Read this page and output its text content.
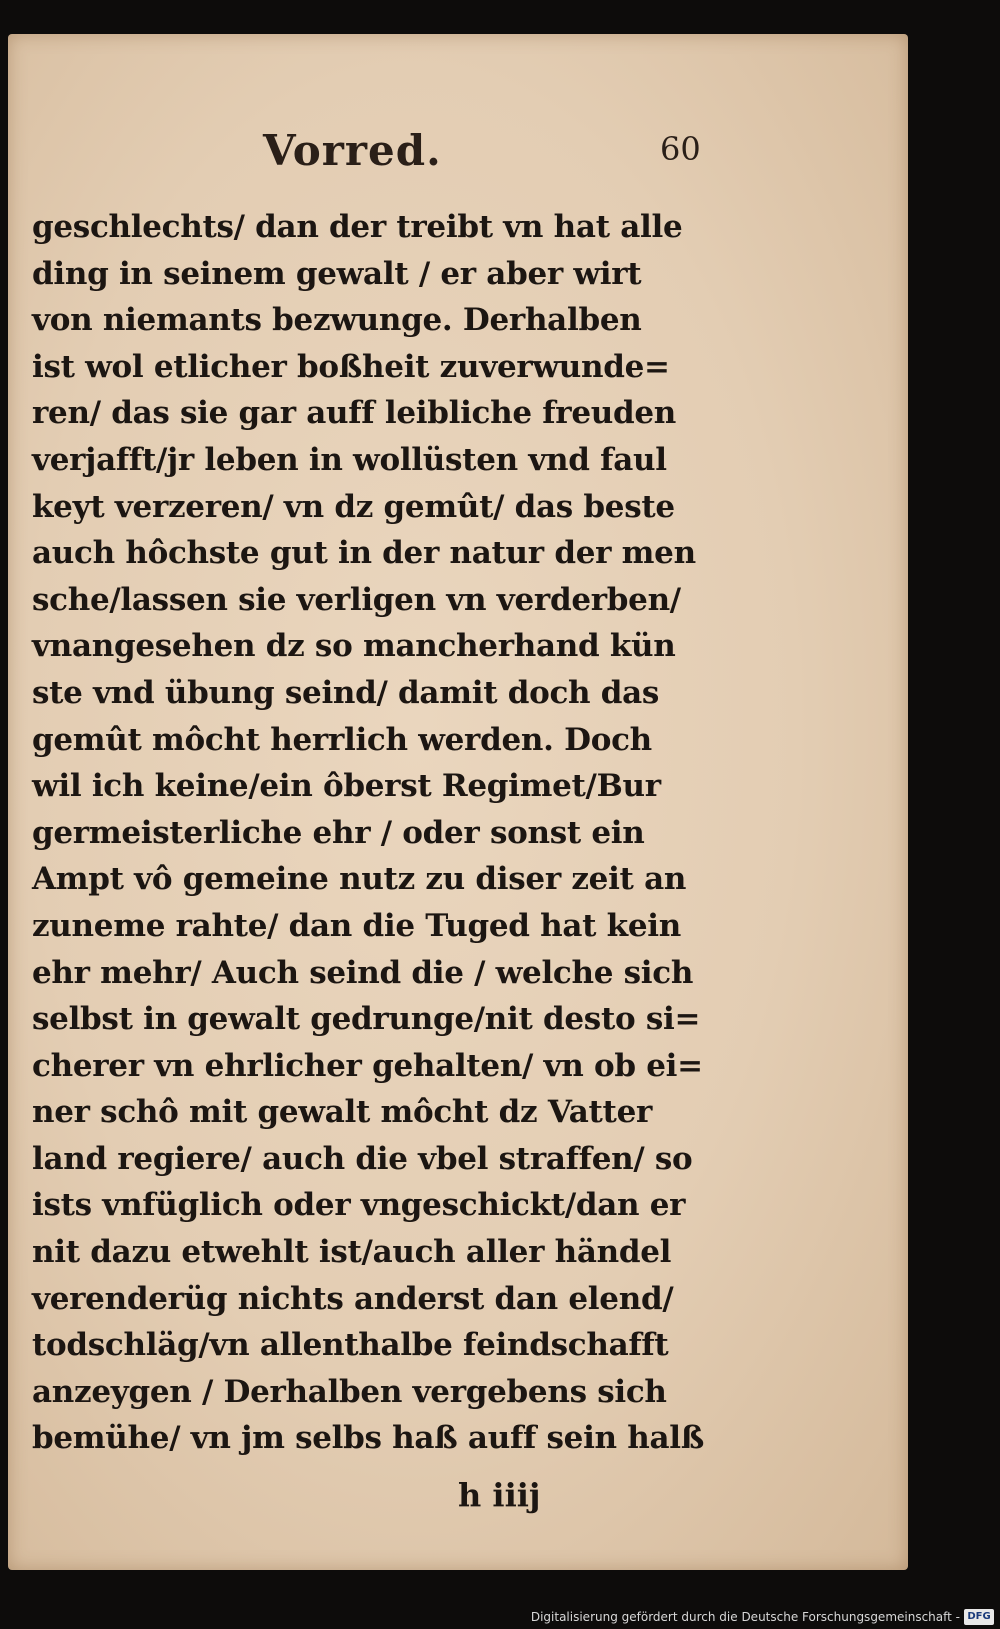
Vorred.	60
geschlechts/ dan der treibt vn hat alle
ding in seinem gewalt / er aber wirt
von niemants bezwunge. Derhalben
ist wol etlicher boßheit zuverwunde=
ren/ das sie gar auff leibliche freuden
verjafft/jr leben in wollüsten vnd faul
keyt verzeren/ vn dz gemût/ das beste
auch hôchste gut in der natur der men
sche/lassen sie verligen vn verderben/
vnangesehen dz so mancherhand kün
ste vnd übung seind/ damit doch das
gemût môcht herrlich werden. Doch
wil ich keine/ein ôberst Regimet/Bur
germeisterliche ehr / oder sonst ein
Ampt vô gemeine nutz zu diser zeit an
zuneme rahte/ dan die Tuged hat kein
ehr mehr/ Auch seind die / welche sich
selbst in gewalt gedrunge/nit desto si=
cherer vn ehrlicher gehalten/ vn ob ei=
ner schô mit gewalt môcht dz Vatter
land regiere/ auch die vbel straffen/ so
ists vnfüglich oder vngeschickt/dan er
nit dazu etwehlt ist/auch aller händel
verenderüg nichts anderst dan elend/
todschläg/vn allenthalbe feindschafft
anzeygen / Derhalben vergebens sich
bemühe/ vn jm selbs haß auff sein halß
h iiij
Digitalisierung gefördert durch die Deutsche Forschungsgemeinschaft - DFG
